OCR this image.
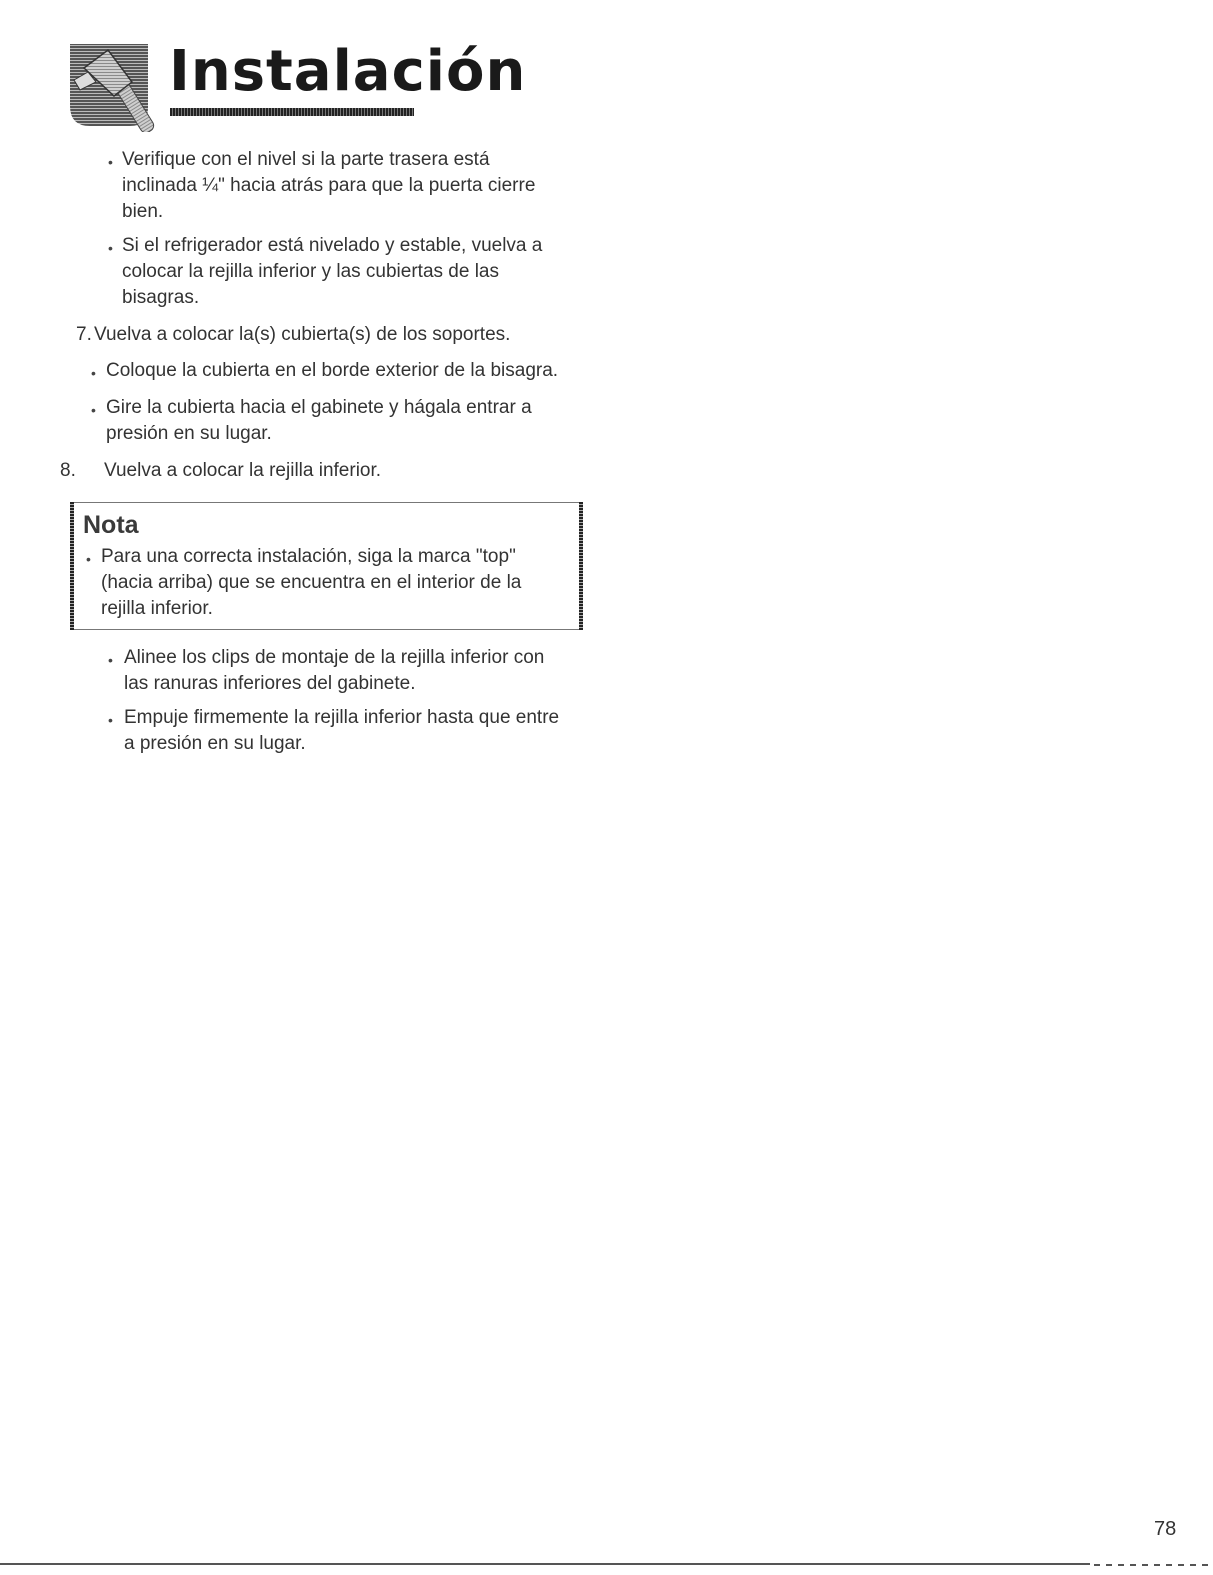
Instalación
• Verifique con el nivel si la parte trasera está
inclinada ¼" hacia atrás para que la puerta cierre
bien.
• Si el refrigerador está nivelado y estable, vuelva a
colocar la rejilla inferior y las cubiertas de las
bisagras.
7. Vuelva a colocar la(s) cubierta(s) de los soportes.
• Coloque la cubierta en el borde exterior de la bisagra.
• Gire la cubierta hacia el gabinete y hágala entrar a
presión en su lugar.
8. Vuelva a colocar la rejilla inferior.
Nota
• Para una correcta instalación, siga la marca "top"
(hacia arriba) que se encuentra en el interior de la
rejilla inferior.
• Alinee los clips de montaje de la rejilla inferior con
las ranuras inferiores del gabinete.
• Empuje firmemente la rejilla inferior hasta que entre
a presión en su lugar.
78
